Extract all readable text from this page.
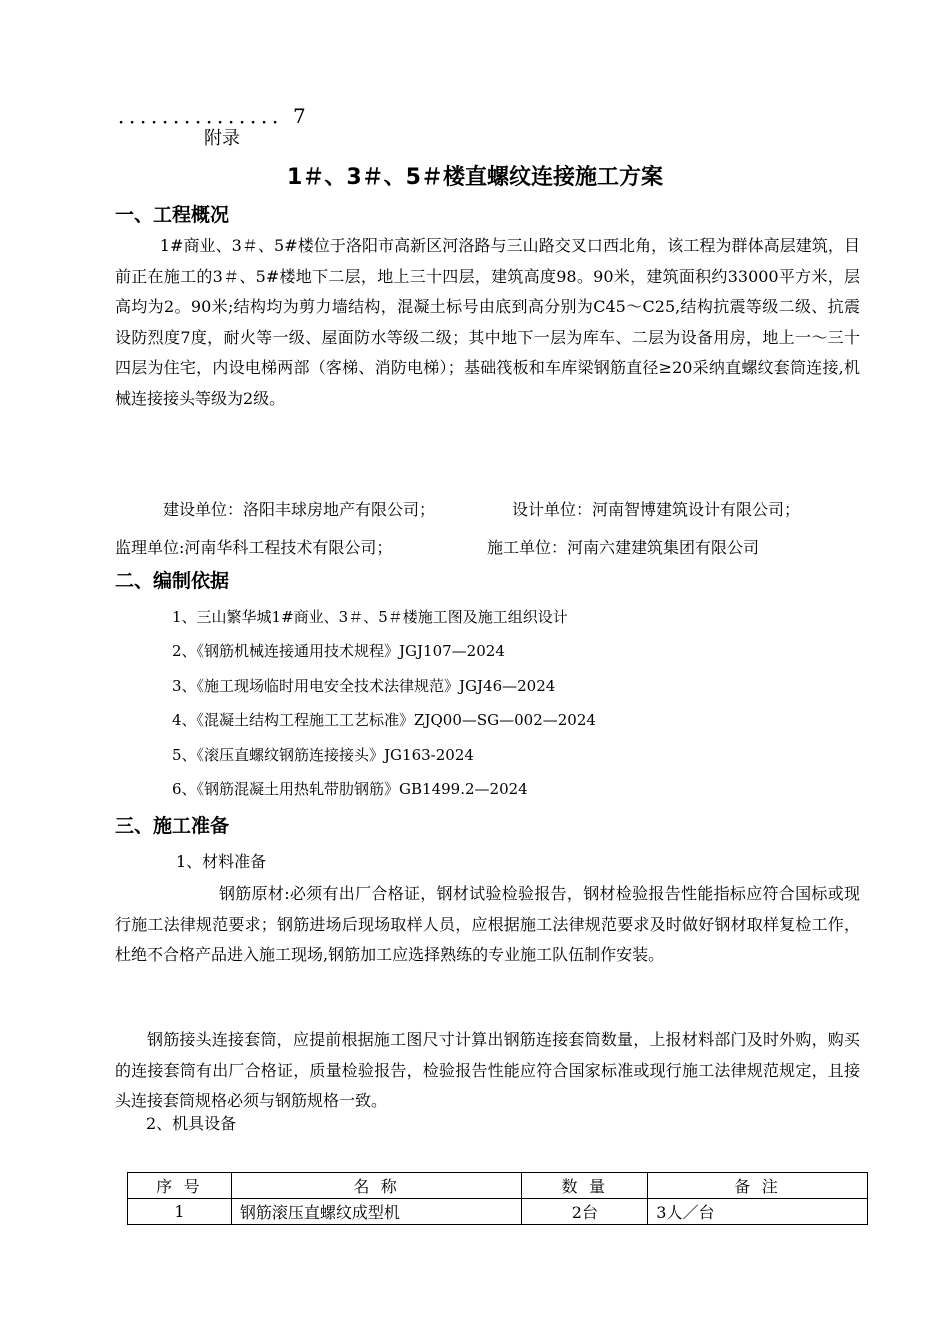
．．．．．．．．．．．．．．．7
附录
1＃、3＃、5＃楼直螺纹连接施工方案
一、工程概况

1#商业、3＃、5#楼位于洛阳市高新区河洛路与三山路交叉口西北角，该工程为群体高层建筑，目前正在施工的3＃、5#楼地下二层，地上三十四层，建筑高度98。90米，建筑面积约33000平方米，层高均为2。90米;结构均为剪力墙结构，混凝土标号由底到高分别为C45～C25,结构抗震等级二级、抗震设防烈度7度，耐火等一级、屋面防水等级二级；其中地下一层为库车、二层为设备用房，地上一～三十四层为住宅，内设电梯两部（客梯、消防电梯）；基础筏板和车库梁钢筋直径≥20采纳直螺纹套筒连接,机械连接接头等级为2级。

建设单位：洛阳丰球房地产有限公司；	设计单位：河南智博建筑设计有限公司；
监理单位:河南华科工程技术有限公司；	施工单位：河南六建建筑集团有限公司
二、编制依据
1、三山繁华城1#商业、3＃、5＃楼施工图及施工组织设计
2、《钢筋机械连接通用技术规程》JGJ107—2024
3、《施工现场临时用电安全技术法律规范》JGJ46—2024
4、《混凝土结构工程施工工艺标准》ZJQ00—SG—002—2024
5、《滚压直螺纹钢筋连接接头》JG163-2024
6、《钢筋混凝土用热轧带肋钢筋》GB1499.2—2024
三、施工准备
1、材料准备

钢筋原材:必须有出厂合格证，钢材试验检验报告，钢材检验报告性能指标应符合国标或现行施工法律规范要求；钢筋进场后现场取样人员，应根据施工法律规范要求及时做好钢材取样复检工作，杜绝不合格产品进入施工现场,钢筋加工应选择熟练的专业施工队伍制作安装。

钢筋接头连接套筒，应提前根据施工图尺寸计算出钢筋连接套筒数量，上报材料部门及时外购，购买的连接套筒有出厂合格证，质量检验报告，检验报告性能应符合国家标准或现行施工法律规范规定，且接头连接套筒规格必须与钢筋规格一致。

2、机具设备
序 号	名 称	数 量	备 注
1	钢筋滚压直螺纹成型机	2台	3人／台
